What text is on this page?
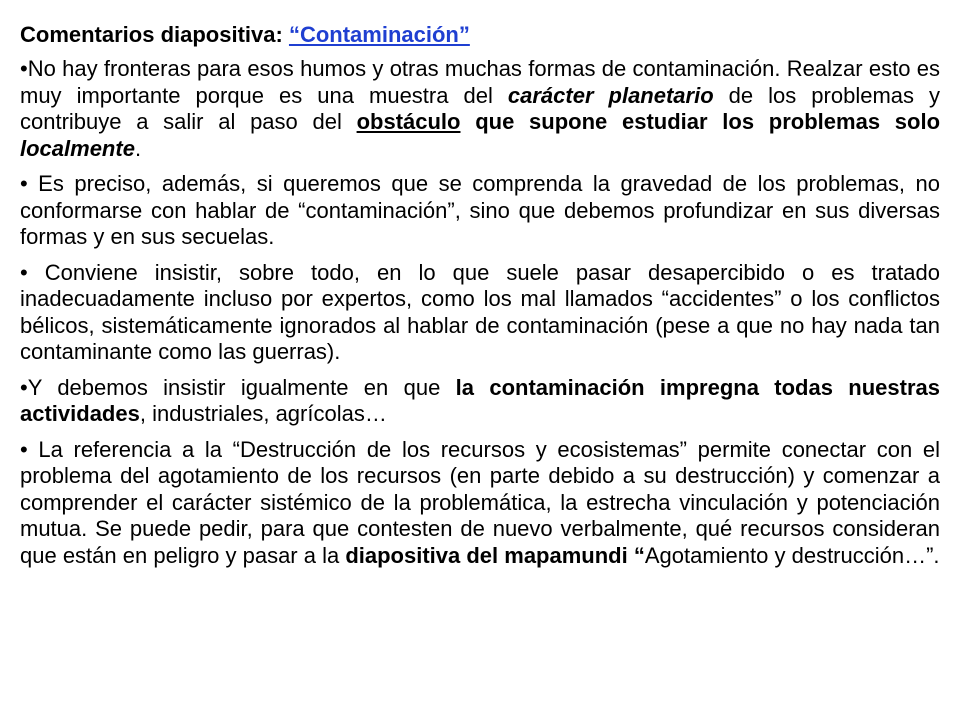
Comentarios diapositiva: “Contaminación”
•No hay fronteras para esos humos y otras muchas formas de contaminación. Realzar esto es muy importante porque es una muestra del carácter planetario de los problemas y contribuye a salir al paso del obstáculo que supone estudiar los problemas solo localmente.
• Es preciso, además, si queremos que se comprenda la gravedad de los problemas, no conformarse con hablar de “contaminación”, sino que debemos profundizar en sus diversas formas y en sus secuelas.
• Conviene insistir, sobre todo, en lo que suele pasar desapercibido o es tratado inadecuadamente incluso por expertos, como los mal llamados “accidentes” o los conflictos bélicos, sistemáticamente ignorados al hablar de contaminación (pese a que no hay nada tan contaminante como las guerras).
•Y debemos insistir igualmente en que la contaminación impregna todas nuestras actividades, industriales, agrícolas…
• La referencia a la “Destrucción de los recursos y ecosistemas” permite conectar con el problema del agotamiento de los recursos (en parte debido a su destrucción) y comenzar a comprender el carácter sistémico de la problemática, la estrecha vinculación y potenciación mutua. Se puede pedir, para que contesten de nuevo verbalmente, qué recursos consideran que están en peligro y pasar a la diapositiva del mapamundi “Agotamiento y destrucción…”.
